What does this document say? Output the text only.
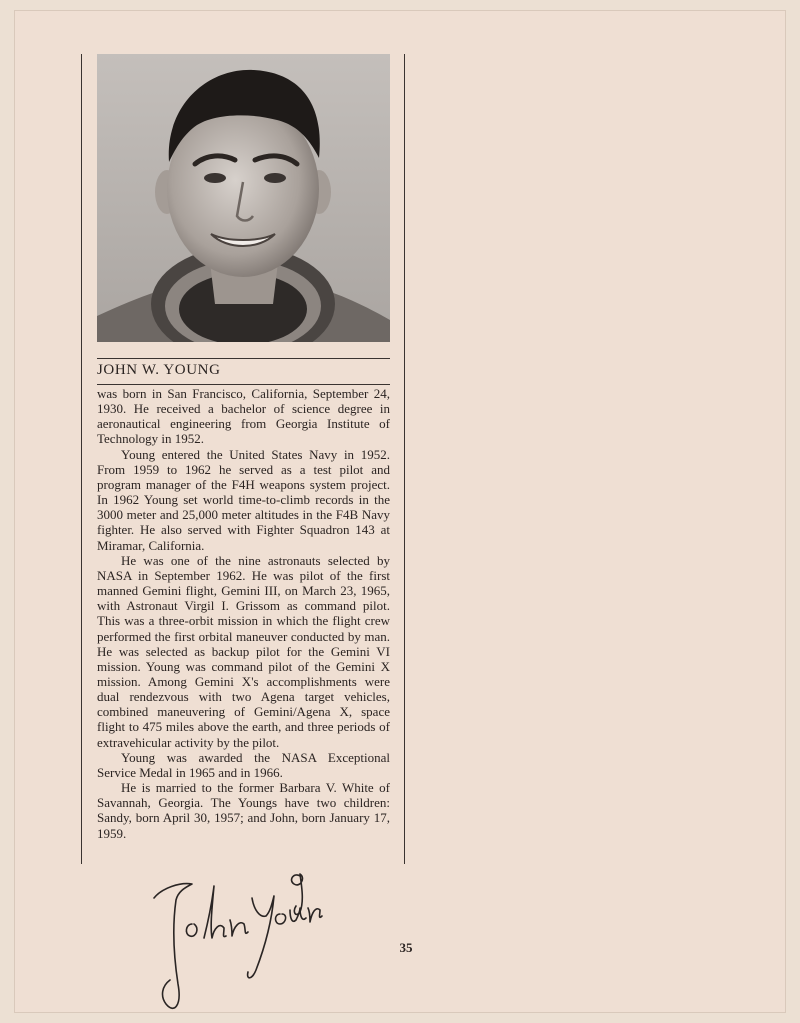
JOHN W. YOUNG

was born in San Francisco, California, September 24, 1930. He received a bachelor of science degree in aeronautical engineering from Georgia Institute of Technology in 1952.

Young entered the United States Navy in 1952. From 1959 to 1962 he served as a test pilot and program manager of the F4H weapons system project. In 1962 Young set world time-to-climb records in the 3000 meter and 25,000 meter altitudes in the F4B Navy fighter. He also served with Fighter Squadron 143 at Miramar, California.

He was one of the nine astronauts selected by NASA in September 1962. He was pilot of the first manned Gemini flight, Gemini III, on March 23, 1965, with Astronaut Virgil I. Grissom as command pilot. This was a three-orbit mission in which the flight crew performed the first orbital maneuver conducted by man. He was selected as backup pilot for the Gemini VI mission. Young was command pilot of the Gemini X mission. Among Gemini X's accomplishments were dual rendezvous with two Agena target vehicles, combined maneuvering of Gemini/Agena X, space flight to 475 miles above the earth, and three periods of extravehicular activity by the pilot.

Young was awarded the NASA Exceptional Service Medal in 1965 and in 1966.

He is married to the former Barbara V. White of Savannah, Georgia. The Youngs have two children: Sandy, born April 30, 1957; and John, born January 17, 1959.

35
